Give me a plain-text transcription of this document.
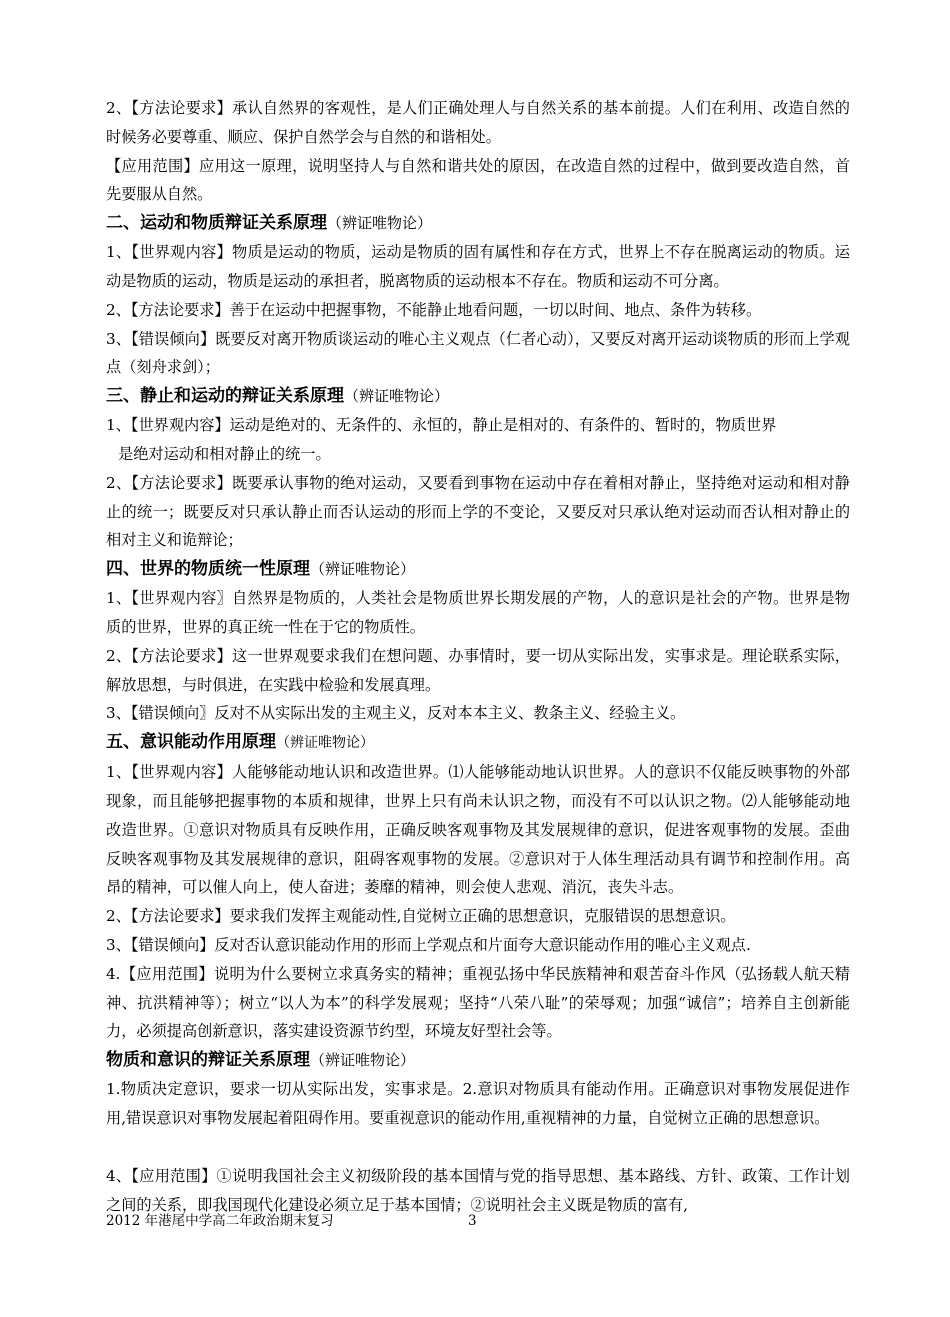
2、【方法论要求】承认自然界的客观性，是人们正确处理人与自然关系的基本前提。人们在利用、改造自然的时候务必要尊重、顺应、保护自然学会与自然的和谐相处。

【应用范围】应用这一原理，说明坚持人与自然和谐共处的原因，在改造自然的过程中，做到要改造自然，首先要服从自然。

二、运动和物质辩证关系原理（辨证唯物论）

1、【世界观内容】物质是运动的物质，运动是物质的固有属性和存在方式，世界上不存在脱离运动的物质。运动是物质的运动，物质是运动的承担者，脱离物质的运动根本不存在。物质和运动不可分离。

2、【方法论要求】善于在运动中把握事物，不能静止地看问题，一切以时间、地点、条件为转移。

3、【错误倾向】既要反对离开物质谈运动的唯心主义观点（仁者心动），又要反对离开运动谈物质的形而上学观点（刻舟求剑）；

三、静止和运动的辩证关系原理（辨证唯物论）

1、【世界观内容】运动是绝对的、无条件的、永恒的，静止是相对的、有条件的、暂时的，物质世界

是绝对运动和相对静止的统一。

2、【方法论要求】既要承认事物的绝对运动，又要看到事物在运动中存在着相对静止，坚持绝对运动和相对静止的统一；既要反对只承认静止而否认运动的形而上学的不变论，又要反对只承认绝对运动而否认相对静止的相对主义和诡辩论；

四、世界的物质统一性原理（辨证唯物论）

1、【世界观内容〗自然界是物质的，人类社会是物质世界长期发展的产物，人的意识是社会的产物。世界是物质的世界，世界的真正统一性在于它的物质性。

2、【方法论要求】这一世界观要求我们在想问题、办事情时，要一切从实际出发，实事求是。理论联系实际，解放思想，与时俱进，在实践中检验和发展真理。

3、【错误倾向〗反对不从实际出发的主观主义，反对本本主义、教条主义、经验主义。

五、意识能动作用原理（辨证唯物论）

1、【世界观内容】人能够能动地认识和改造世界。⑴人能够能动地认识世界。人的意识不仅能反映事物的外部现象，而且能够把握事物的本质和规律，世界上只有尚未认识之物，而没有不可以认识之物。⑵人能够能动地改造世界。①意识对物质具有反映作用，正确反映客观事物及其发展规律的意识，促进客观事物的发展。歪曲反映客观事物及其发展规律的意识，阻碍客观事物的发展。②意识对于人体生理活动具有调节和控制作用。高昂的精神，可以催人向上，使人奋进；萎靡的精神，则会使人悲观、消沉，丧失斗志。

2、【方法论要求】要求我们发挥主观能动性,自觉树立正确的思想意识，克服错误的思想意识。

3、【错误倾向】反对否认意识能动作用的形而上学观点和片面夸大意识能动作用的唯心主义观点.

4.【应用范围】说明为什么要树立求真务实的精神；重视弘扬中华民族精神和艰苦奋斗作风（弘扬载人航天精神、抗洪精神等）；树立“以人为本”的科学发展观；坚持“八荣八耻”的荣辱观；加强“诚信”；培养自主创新能力，必须提高创新意识，落实建设资源节约型，环境友好型社会等。

物质和意识的辩证关系原理（辨证唯物论）

1.物质决定意识，要求一切从实际出发，实事求是。2.意识对物质具有能动作用。正确意识对事物发展促进作用,错误意识对事物发展起着阻碍作用。要重视意识的能动作用,重视精神的力量，自觉树立正确的思想意识。

4、【应用范围】①说明我国社会主义初级阶段的基本国情与党的指导思想、基本路线、方针、政策、工作计划之间的关系，即我国现代化建设必须立足于基本国情；②说明社会主义既是物质的富有,

2012 年港尾中学高二年政治期末复习	3
